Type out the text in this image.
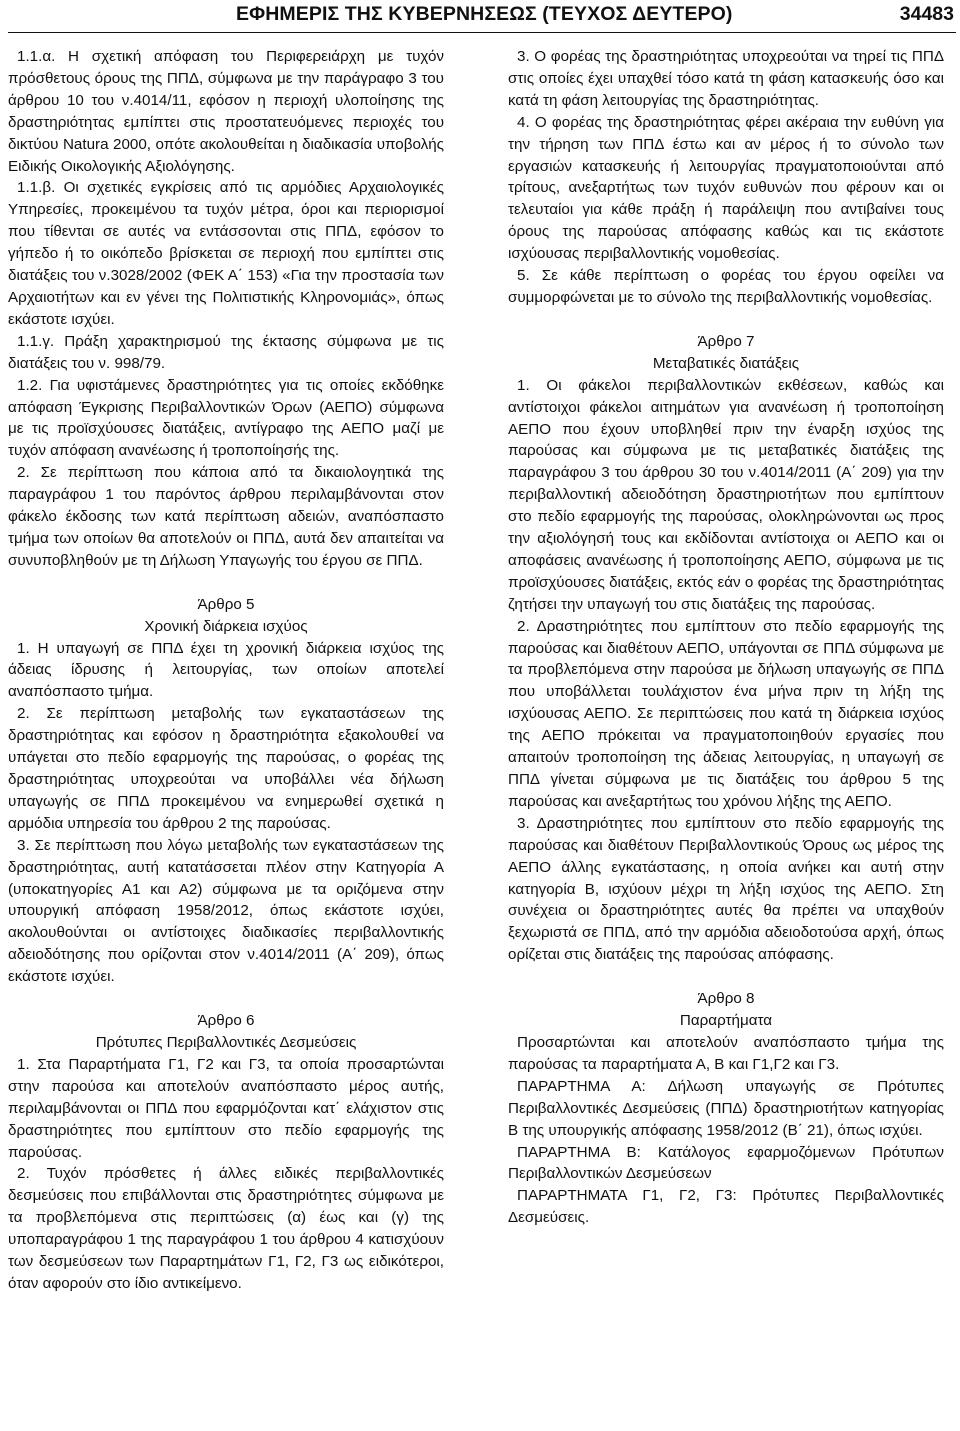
ΕΦΗΜΕΡΙΣ ΤΗΣ ΚΥΒΕΡΝΗΣΕΩΣ (ΤΕΥΧΟΣ ΔΕΥΤΕΡΟ)	34483

1.1.α. Η σχετική απόφαση του Περιφερειάρχη με τυχόν πρόσθετους όρους της ΠΠΔ, σύμφωνα με την παράγραφο 3 του άρθρου 10 του ν.4014/11, εφόσον η περιοχή υλοποίησης της δραστηριότητας εμπίπτει στις προστατευόμενες περιοχές του δικτύου Natura 2000, οπότε ακολουθείται η διαδικασία υποβολής Ειδικής Οικολογικής Αξιολόγησης.

1.1.β. Οι σχετικές εγκρίσεις από τις αρμόδιες Αρχαιολογικές Υπηρεσίες, προκειμένου τα τυχόν μέτρα, όροι και περιορισμοί που τίθενται σε αυτές να εντάσσονται στις ΠΠΔ, εφόσον το γήπεδο ή το οικόπεδο βρίσκεται σε περιοχή που εμπίπτει στις διατάξεις του ν.3028/2002 (ΦΕΚ Α΄ 153) «Για την προστασία των Αρχαιοτήτων και εν γένει της Πολιτιστικής Κληρονομιάς», όπως εκάστοτε ισχύει.

1.1.γ. Πράξη χαρακτηρισμού της έκτασης σύμφωνα με τις διατάξεις του ν. 998/79.

1.2. Για υφιστάμενες δραστηριότητες για τις οποίες εκδόθηκε απόφαση Έγκρισης Περιβαλλοντικών Όρων (ΑΕΠΟ) σύμφωνα με τις προϊσχύουσες διατάξεις, αντίγραφο της ΑΕΠΟ μαζί με τυχόν απόφαση ανανέωσης ή τροποποίησής της.

2. Σε περίπτωση που κάποια από τα δικαιολογητικά της παραγράφου 1 του παρόντος άρθρου περιλαμβάνονται στον φάκελο έκδοσης των κατά περίπτωση αδειών, αναπόσπαστο τμήμα των οποίων θα αποτελούν οι ΠΠΔ, αυτά δεν απαιτείται να συνυποβληθούν με τη Δήλωση Υπαγωγής του έργου σε ΠΠΔ.

Άρθρο 5

Χρονική διάρκεια ισχύος

1. Η υπαγωγή σε ΠΠΔ έχει τη χρονική διάρκεια ισχύος της άδειας ίδρυσης ή λειτουργίας, των οποίων αποτελεί αναπόσπαστο τμήμα.

2. Σε περίπτωση μεταβολής των εγκαταστάσεων της δραστηριότητας και εφόσον η δραστηριότητα εξακολουθεί να υπάγεται στο πεδίο εφαρμογής της παρούσας, ο φορέας της δραστηριότητας υποχρεούται να υποβάλλει νέα δήλωση υπαγωγής σε ΠΠΔ προκειμένου να ενημερωθεί σχετικά η αρμόδια υπηρεσία του άρθρου 2 της παρούσας.

3. Σε περίπτωση που λόγω μεταβολής των εγκαταστάσεων της δραστηριότητας, αυτή κατατάσσεται πλέον στην Κατηγορία Α (υποκατηγορίες Α1 και Α2) σύμφωνα με τα οριζόμενα στην υπουργική απόφαση 1958/2012, όπως εκάστοτε ισχύει, ακολουθούνται οι αντίστοιχες διαδικασίες περιβαλλοντικής αδειοδότησης που ορίζονται στον ν.4014/2011 (Α΄ 209), όπως εκάστοτε ισχύει.

Άρθρο 6

Πρότυπες Περιβαλλοντικές Δεσμεύσεις

1. Στα Παραρτήματα Γ1, Γ2 και Γ3, τα οποία προσαρτώνται στην παρούσα και αποτελούν αναπόσπαστο μέρος αυτής, περιλαμβάνονται οι ΠΠΔ που εφαρμόζονται κατ΄ ελάχιστον στις δραστηριότητες που εμπίπτουν στο πεδίο εφαρμογής της παρούσας.

2. Τυχόν πρόσθετες ή άλλες ειδικές περιβαλλοντικές δεσμεύσεις που επιβάλλονται στις δραστηριότητες σύμφωνα με τα προβλεπόμενα στις περιπτώσεις (α) έως και (γ) της υποπαραγράφου 1 της παραγράφου 1 του άρθρου 4 κατισχύουν των δεσμεύσεων των Παραρτημάτων Γ1, Γ2, Γ3 ως ειδικότεροι, όταν αφορούν στο ίδιο αντικείμενο.

3. Ο φορέας της δραστηριότητας υποχρεούται να τηρεί τις ΠΠΔ στις οποίες έχει υπαχθεί τόσο κατά τη φάση κατασκευής όσο και κατά τη φάση λειτουργίας της δραστηριότητας.

4. Ο φορέας της δραστηριότητας φέρει ακέραια την ευθύνη για την τήρηση των ΠΠΔ έστω και αν μέρος ή το σύνολο των εργασιών κατασκευής ή λειτουργίας πραγματοποιούνται από τρίτους, ανεξαρτήτως των τυχόν ευθυνών που φέρουν και οι τελευταίοι για κάθε πράξη ή παράλειψη που αντιβαίνει τους όρους της παρούσας απόφασης καθώς και τις εκάστοτε ισχύουσας περιβαλλοντικής νομοθεσίας.

5. Σε κάθε περίπτωση ο φορέας του έργου οφείλει να συμμορφώνεται με το σύνολο της περιβαλλοντικής νομοθεσίας.

Άρθρο 7

Μεταβατικές διατάξεις

1. Οι φάκελοι περιβαλλοντικών εκθέσεων, καθώς και αντίστοιχοι φάκελοι αιτημάτων για ανανέωση ή τροποποίηση ΑΕΠΟ που έχουν υποβληθεί πριν την έναρξη ισχύος της παρούσας και σύμφωνα με τις μεταβατικές διατάξεις της παραγράφου 3 του άρθρου 30 του ν.4014/2011 (Α΄ 209) για την περιβαλλοντική αδειοδότηση δραστηριοτήτων που εμπίπτουν στο πεδίο εφαρμογής της παρούσας, ολοκληρώνονται ως προς την αξιολόγησή τους και εκδίδονται αντίστοιχα οι ΑΕΠΟ και οι αποφάσεις ανανέωσης ή τροποποίησης ΑΕΠΟ, σύμφωνα με τις προϊσχύουσες διατάξεις, εκτός εάν ο φορέας της δραστηριότητας ζητήσει την υπαγωγή του στις διατάξεις της παρούσας.

2. Δραστηριότητες που εμπίπτουν στο πεδίο εφαρμογής της παρούσας και διαθέτουν ΑΕΠΟ, υπάγονται σε ΠΠΔ σύμφωνα με τα προβλεπόμενα στην παρούσα με δήλωση υπαγωγής σε ΠΠΔ που υποβάλλεται τουλάχιστον ένα μήνα πριν τη λήξη της ισχύουσας ΑΕΠΟ. Σε περιπτώσεις που κατά τη διάρκεια ισχύος της ΑΕΠΟ πρόκειται να πραγματοποιηθούν εργασίες που απαιτούν τροποποίηση της άδειας λειτουργίας, η υπαγωγή σε ΠΠΔ γίνεται σύμφωνα με τις διατάξεις του άρθρου 5 της παρούσας και ανεξαρτήτως του χρόνου λήξης της ΑΕΠΟ.

3. Δραστηριότητες που εμπίπτουν στο πεδίο εφαρμογής της παρούσας και διαθέτουν Περιβαλλοντικούς Όρους ως μέρος της ΑΕΠΟ άλλης εγκατάστασης, η οποία ανήκει και αυτή στην κατηγορία Β, ισχύουν μέχρι τη λήξη ισχύος της ΑΕΠΟ. Στη συνέχεια οι δραστηριότητες αυτές θα πρέπει να υπαχθούν ξεχωριστά σε ΠΠΔ, από την αρμόδια αδειοδοτούσα αρχή, όπως ορίζεται στις διατάξεις της παρούσας απόφασης.

Άρθρο 8

Παραρτήματα

Προσαρτώνται και αποτελούν αναπόσπαστο τμήμα της παρούσας τα παραρτήματα Α, Β και Γ1,Γ2 και Γ3.

ΠΑΡΑΡΤΗΜΑ Α: Δήλωση υπαγωγής σε Πρότυπες Περιβαλλοντικές Δεσμεύσεις (ΠΠΔ) δραστηριοτήτων κατηγορίας Β της υπουργικής απόφασης 1958/2012 (Β΄ 21), όπως ισχύει.

ΠΑΡΑΡΤΗΜΑ Β: Κατάλογος εφαρμοζόμενων Πρότυπων Περιβαλλοντικών Δεσμεύσεων

ΠΑΡΑΡΤΗΜΑΤΑ Γ1, Γ2, Γ3: Πρότυπες Περιβαλλοντικές Δεσμεύσεις.
